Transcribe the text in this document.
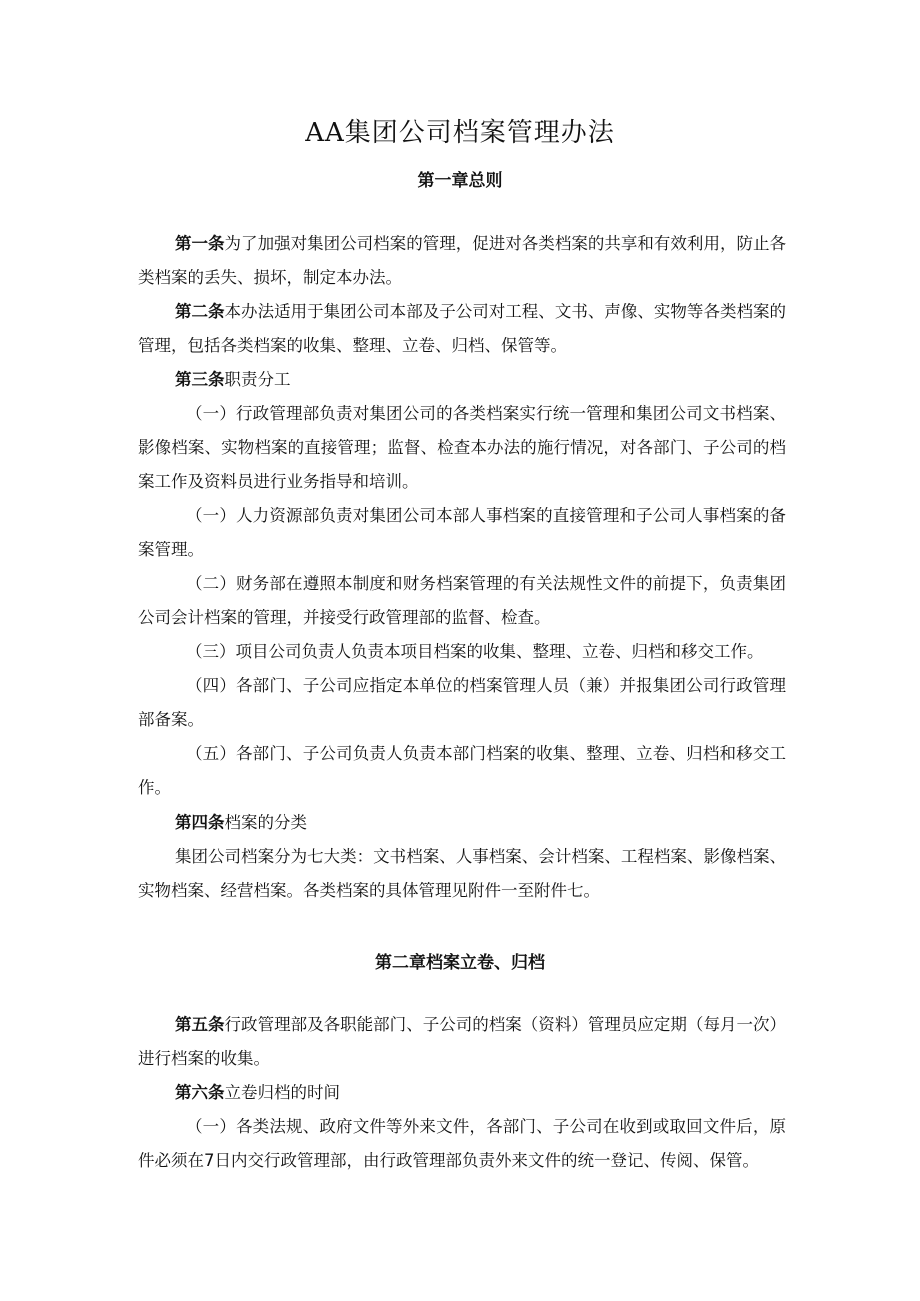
AA集团公司档案管理办法
第一章总则

第一条为了加强对集团公司档案的管理，促进对各类档案的共享和有效利用，防止各类档案的丢失、损坏，制定本办法。

第二条本办法适用于集团公司本部及子公司对工程、文书、声像、实物等各类档案的管理，包括各类档案的收集、整理、立卷、归档、保管等。

第三条职责分工

（一）行政管理部负责对集团公司的各类档案实行统一管理和集团公司文书档案、影像档案、实物档案的直接管理；监督、检查本办法的施行情况，对各部门、子公司的档案工作及资料员进行业务指导和培训。

（一）人力资源部负责对集团公司本部人事档案的直接管理和子公司人事档案的备案管理。

（二）财务部在遵照本制度和财务档案管理的有关法规性文件的前提下，负责集团公司会计档案的管理，并接受行政管理部的监督、检查。

（三）项目公司负责人负责本项目档案的收集、整理、立卷、归档和移交工作。

（四）各部门、子公司应指定本单位的档案管理人员（兼）并报集团公司行政管理部备案。

（五）各部门、子公司负责人负责本部门档案的收集、整理、立卷、归档和移交工作。

第四条档案的分类

集团公司档案分为七大类：文书档案、人事档案、会计档案、工程档案、影像档案、实物档案、经营档案。各类档案的具体管理见附件一至附件七。

第二章档案立卷、归档

第五条行政管理部及各职能部门、子公司的档案（资料）管理员应定期（每月一次）进行档案的收集。

第六条立卷归档的时间

（一）各类法规、政府文件等外来文件，各部门、子公司在收到或取回文件后，原件必须在7日内交行政管理部，由行政管理部负责外来文件的统一登记、传阅、保管。
